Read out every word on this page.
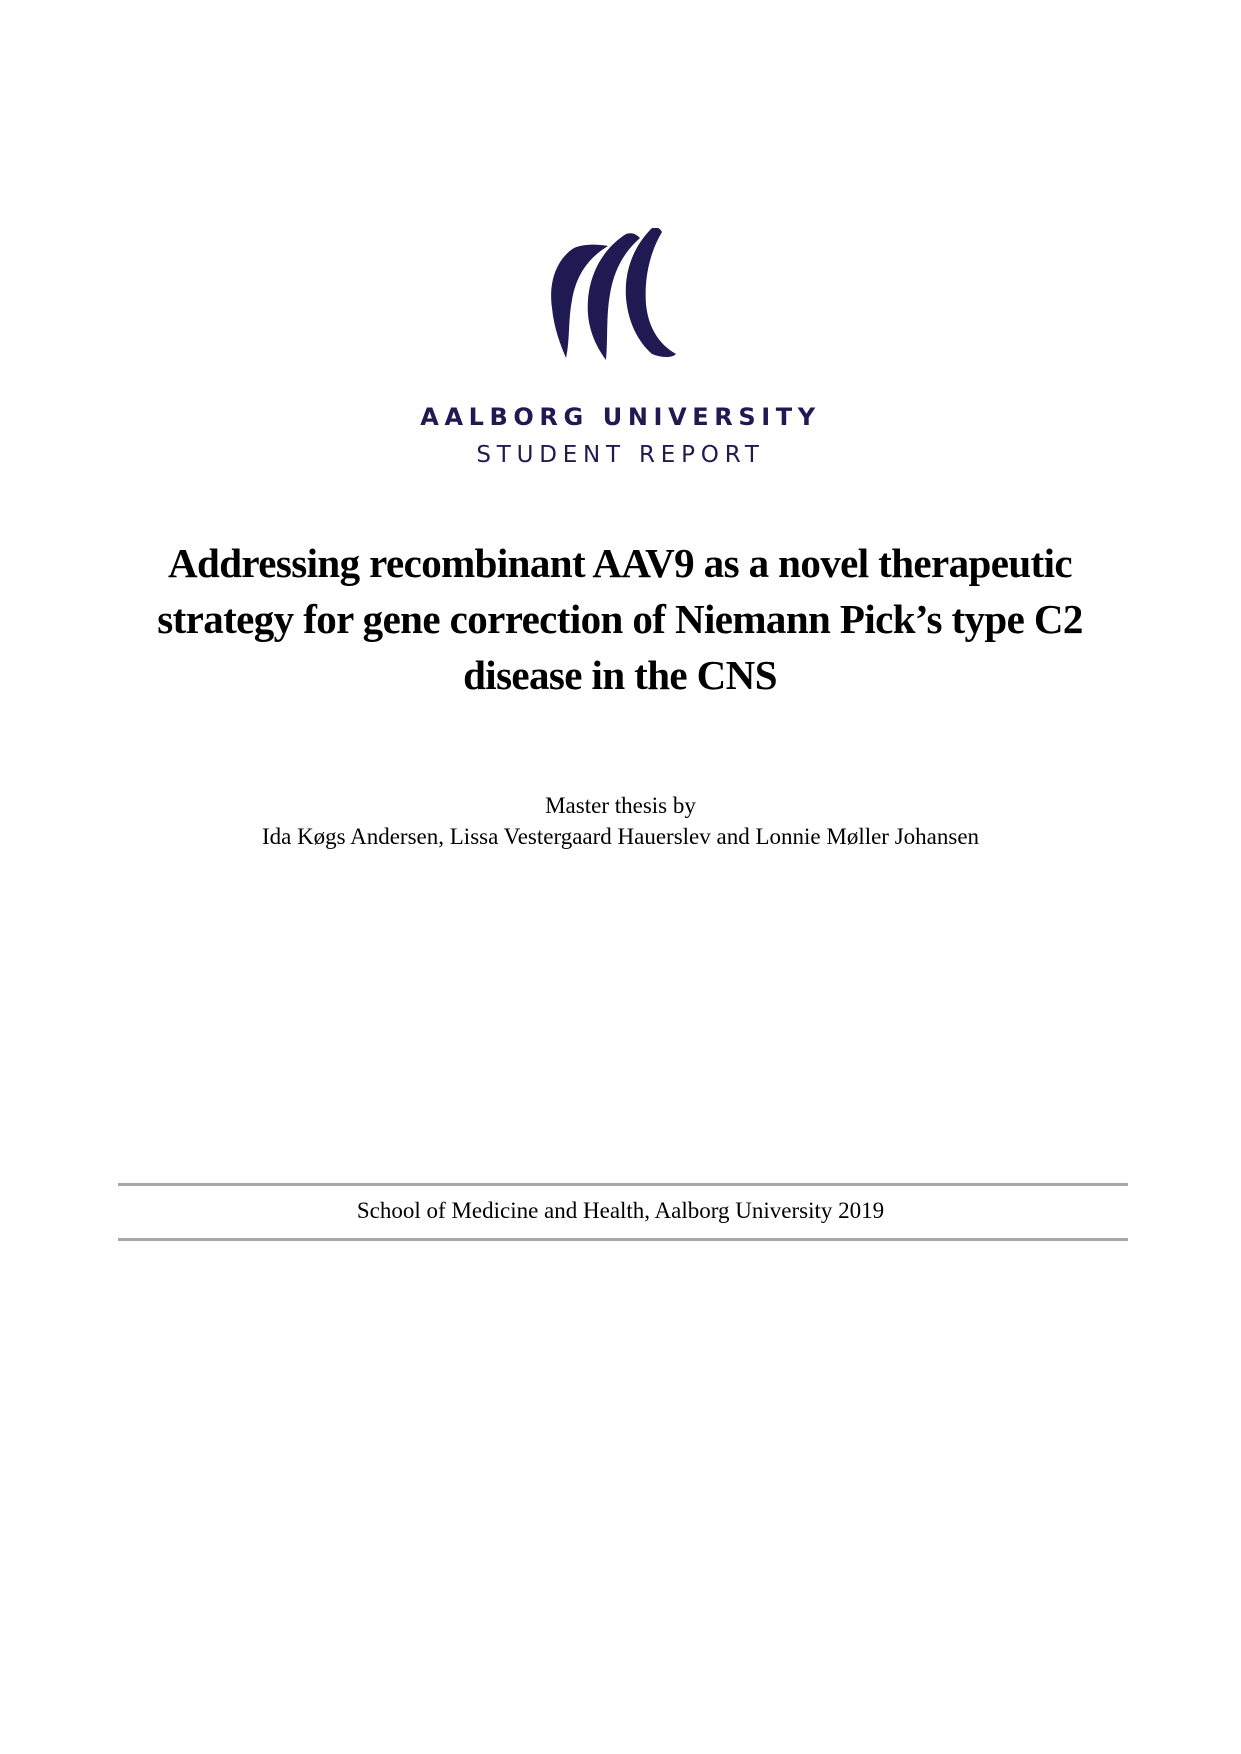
AALBORG UNIVERSITY
STUDENT REPORT
Addressing recombinant AAV9 as a novel therapeutic strategy for gene correction of Niemann Pick’s type C2 disease in the CNS
Master thesis by
Ida Køgs Andersen, Lissa Vestergaard Hauerslev and Lonnie Møller Johansen
School of Medicine and Health, Aalborg University 2019
